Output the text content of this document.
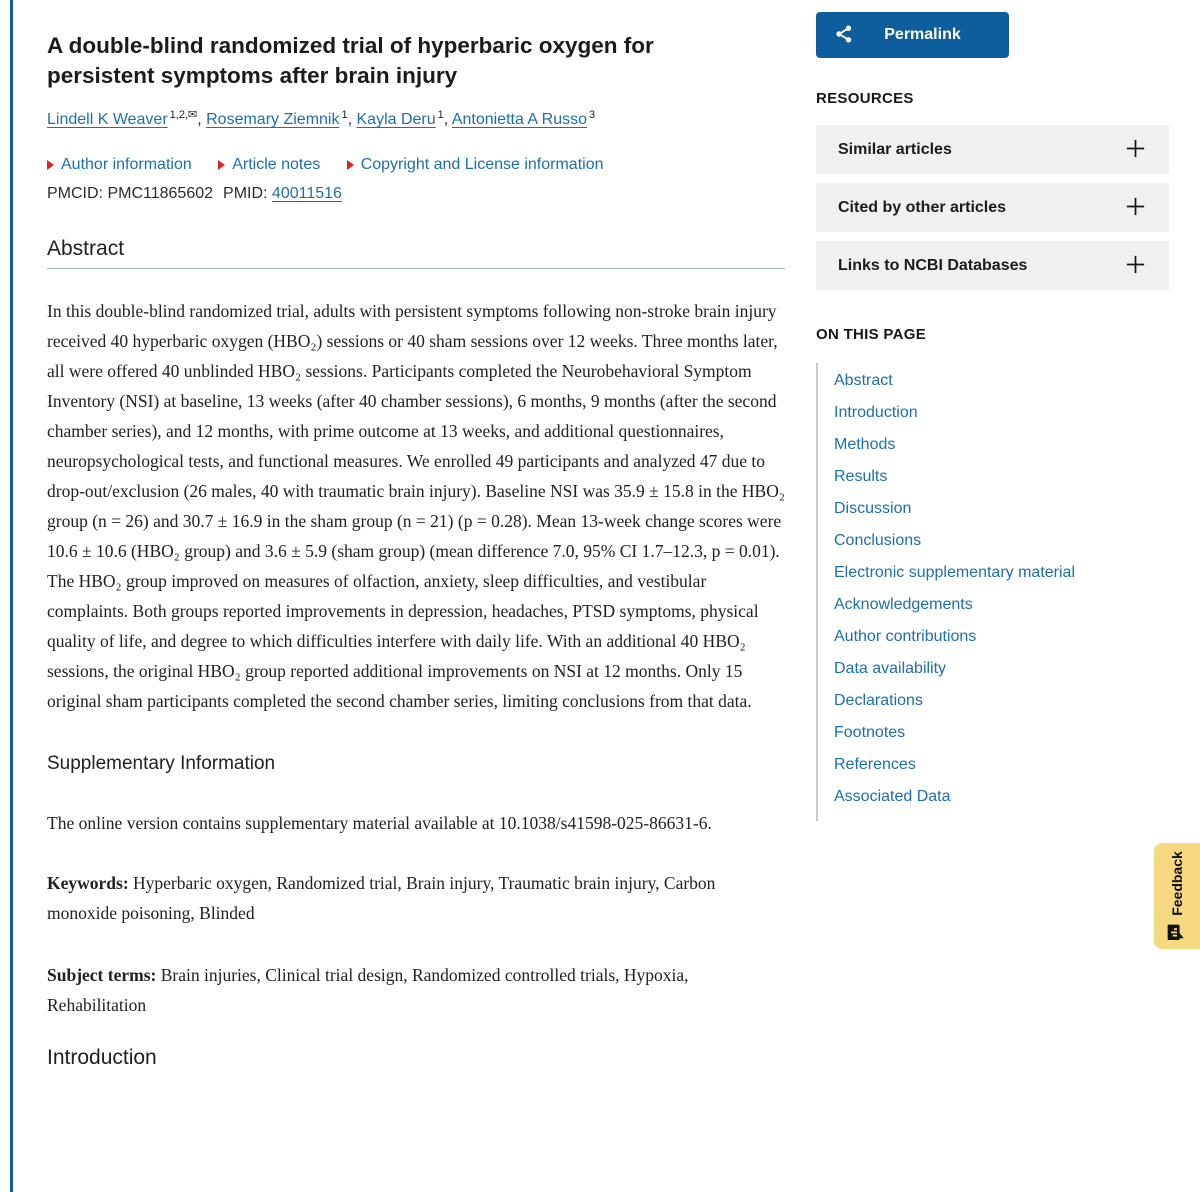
A double-blind randomized trial of hyperbaric oxygen for persistent symptoms after brain injury

Lindell K Weaver $^{1,2,✉}$, Rosemary Ziemnik $^1$, Kayla Deru $^1$, Antonietta A Russo $^3$

Author information
	Article notes
	Copyright and License information

PMCID: PMC11865602 PMID: 40011516

Abstract

In this double-blind randomized trial, adults with persistent symptoms following non-stroke brain injury received 40 hyperbaric oxygen (HBO₂) sessions or 40 sham sessions over 12 weeks. Three months later, all were offered 40 unblinded HBO₂ sessions. Participants completed the Neurobehavioral Symptom Inventory (NSI) at baseline, 13 weeks (after 40 chamber sessions), 6 months, 9 months (after the second chamber series), and 12 months, with prime outcome at 13 weeks, and additional questionnaires, neuropsychological tests, and functional measures. We enrolled 49 participants and analyzed 47 due to drop-out/exclusion (26 males, 40 with traumatic brain injury). Baseline NSI was 35.9 ± 15.8 in the HBO₂ group (n = 26) and 30.7 ± 16.9 in the sham group (n = 21) (p = 0.28). Mean 13-week change scores were 10.6 ± 10.6 (HBO₂ group) and 3.6 ± 5.9 (sham group) (mean difference 7.0, 95% CI 1.7–12.3, p = 0.01). The HBO₂ group improved on measures of olfaction, anxiety, sleep difficulties, and vestibular complaints. Both groups reported improvements in depression, headaches, PTSD symptoms, physical quality of life, and degree to which difficulties interfere with daily life. With an additional 40 HBO₂ sessions, the original HBO₂ group reported additional improvements on NSI at 12 months. Only 15 original sham participants completed the second chamber series, limiting conclusions from that data.

Supplementary Information

The online version contains supplementary material available at 10.1038/s41598-025-86631-6.

Keywords: Hyperbaric oxygen, Randomized trial, Brain injury, Traumatic brain injury, Carbon monoxide poisoning, Blinded

Subject terms: Brain injuries, Clinical trial design, Randomized controlled trials, Hypoxia, Rehabilitation

Introduction
Permalink
RESOURCES
Similar articles
Cited by other articles
Links to NCBI Databases
ON THIS PAGE
Abstract
Introduction
Methods
Results
Discussion
Conclusions
Electronic supplementary material
Acknowledgements
Author contributions
Data availability
Declarations
Footnotes
References
Associated Data
Feedback
